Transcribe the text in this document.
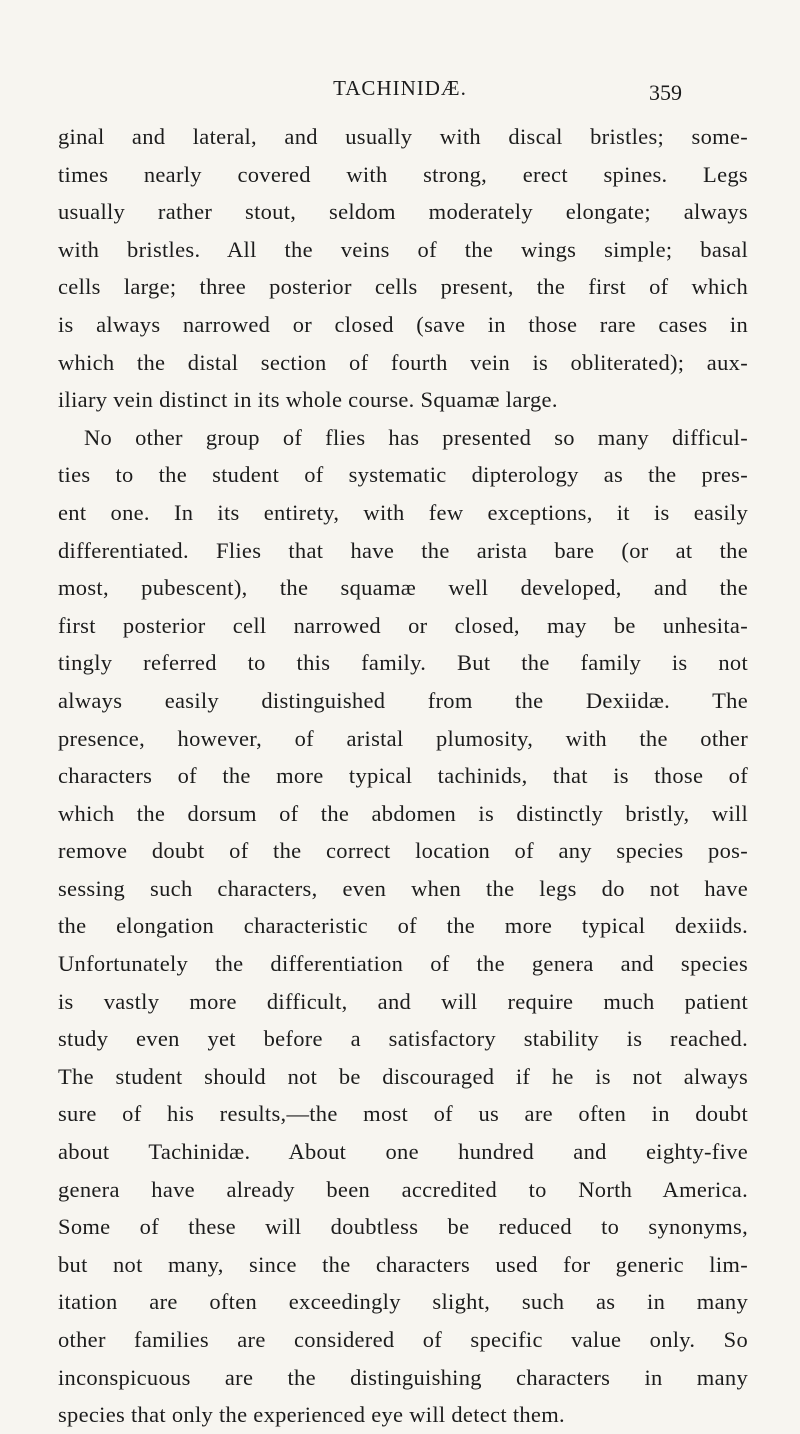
TACHINIDÆ.	359
ginal and lateral, and usually with discal bristles; some-
times nearly covered with strong, erect spines. Legs
usually rather stout, seldom moderately elongate; always
with bristles. All the veins of the wings simple; basal
cells large; three posterior cells present, the first of which
is always narrowed or closed (save in those rare cases in
which the distal section of fourth vein is obliterated); aux-
iliary vein distinct in its whole course. Squamæ large.
No other group of flies has presented so many difficul-
ties to the student of systematic dipterology as the pres-
ent one. In its entirety, with few exceptions, it is easily
differentiated. Flies that have the arista bare (or at the
most, pubescent), the squamæ well developed, and the
first posterior cell narrowed or closed, may be unhesita-
tingly referred to this family. But the family is not
always easily distinguished from the Dexiidæ. The
presence, however, of aristal plumosity, with the other
characters of the more typical tachinids, that is those of
which the dorsum of the abdomen is distinctly bristly, will
remove doubt of the correct location of any species pos-
sessing such characters, even when the legs do not have
the elongation characteristic of the more typical dexiids.
Unfortunately the differentiation of the genera and species
is vastly more difficult, and will require much patient
study even yet before a satisfactory stability is reached.
The student should not be discouraged if he is not always
sure of his results,—the most of us are often in doubt
about Tachinidæ. About one hundred and eighty-five
genera have already been accredited to North America.
Some of these will doubtless be reduced to synonyms,
but not many, since the characters used for generic lim-
itation are often exceedingly slight, such as in many
other families are considered of specific value only. So
inconspicuous are the distinguishing characters in many
species that only the experienced eye will detect them.
